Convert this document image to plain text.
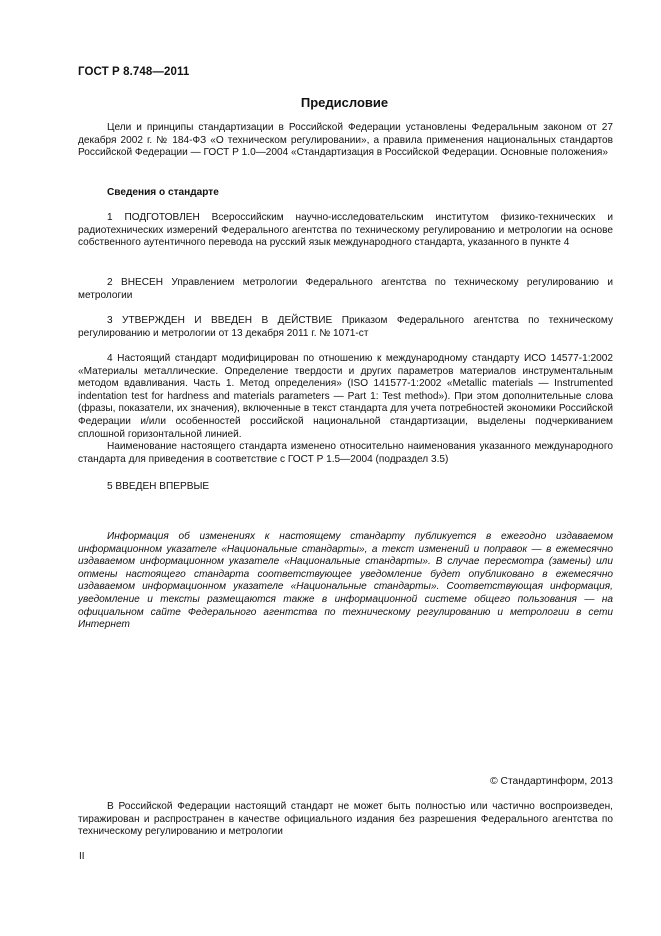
ГОСТ Р 8.748—2011
Предисловие

Цели и принципы стандартизации в Российской Федерации установлены Федеральным законом от 27 декабря 2002 г. № 184-ФЗ «О техническом регулировании», а правила применения национальных стандартов Российской Федерации — ГОСТ Р 1.0—2004 «Стандартизация в Российской Федерации. Основные положения»

Сведения о стандарте

1 ПОДГОТОВЛЕН Всероссийским научно-исследовательским институтом физико-технических и радиотехнических измерений Федерального агентства по техническому регулированию и метрологии на основе собственного аутентичного перевода на русский язык международного стандарта, указанного в пункте 4

2 ВНЕСЕН Управлением метрологии Федерального агентства по техническому регулированию и метрологии

3 УТВЕРЖДЕН И ВВЕДЕН В ДЕЙСТВИЕ Приказом Федерального агентства по техническому регулированию и метрологии от 13 декабря 2011 г. № 1071-ст

4 Настоящий стандарт модифицирован по отношению к международному стандарту ИСО 14577-1:2002 «Материалы металлические. Определение твердости и других параметров материалов инструментальным методом вдавливания. Часть 1. Метод определения» (ISO 141577-1:2002 «Metallic materials — Instrumented indentation test for hardness and materials parameters — Part 1: Test method»). При этом дополнительные слова (фразы, показатели, их значения), включенные в текст стандарта для учета потребностей экономики Российской Федерации и/или особенностей российской национальной стандартизации, выделены подчеркиванием сплошной горизонтальной линией.

Наименование настоящего стандарта изменено относительно наименования указанного международного стандарта для приведения в соответствие с ГОСТ Р 1.5—2004 (подраздел 3.5)

5 ВВЕДЕН ВПЕРВЫЕ

Информация об изменениях к настоящему стандарту публикуется в ежегодно издаваемом информационном указателе «Национальные стандарты», а текст изменений и поправок — в ежемесячно издаваемом информационном указателе «Национальные стандарты». В случае пересмотра (замены) или отмены настоящего стандарта соответствующее уведомление будет опубликовано в ежемесячно издаваемом информационном указателе «Национальные стандарты». Соответствующая информация, уведомление и тексты размещаются также в информационной системе общего пользования — на официальном сайте Федерального агентства по техническому регулированию и метрологии в сети Интернет

© Стандартинформ, 2013

В Российской Федерации настоящий стандарт не может быть полностью или частично воспроизведен, тиражирован и распространен в качестве официального издания без разрешения Федерального агентства по техническому регулированию и метрологии

II
